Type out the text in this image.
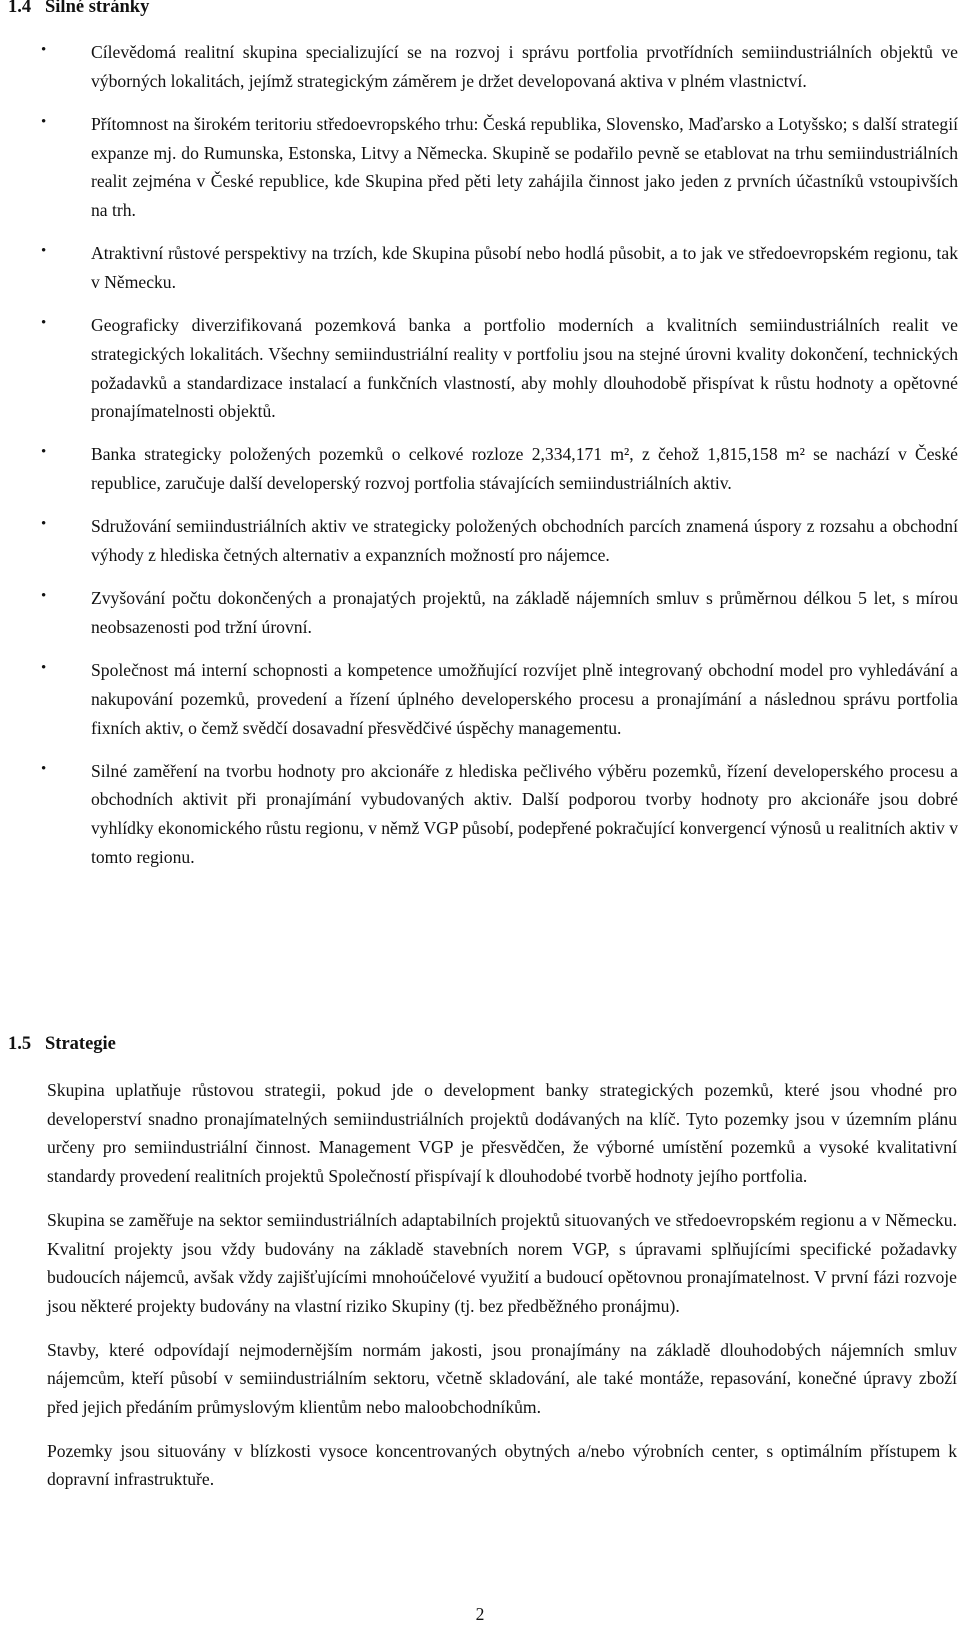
1.4 Silné stránky
•	Cílevědomá realitní skupina specializující se na rozvoj i správu portfolia prvotřídních semiindustriálních objektů ve výborných lokalitách, jejímž strategickým záměrem je držet developovaná aktiva v plném vlastnictví.
•	Přítomnost na širokém teritoriu středoevropského trhu: Česká republika, Slovensko, Maďarsko a Lotyšsko; s další strategií expanze mj. do Rumunska, Estonska, Litvy a Německa. Skupině se podařilo pevně se etablovat na trhu semiindustriálních realit zejména v České republice, kde Skupina před pěti lety zahájila činnost jako jeden z prvních účastníků vstoupivších na trh.
•	Atraktivní růstové perspektivy na trzích, kde Skupina působí nebo hodlá působit, a to jak ve středoevropském regionu, tak v Německu.
•	Geograficky diverzifikovaná pozemková banka a portfolio moderních a kvalitních semiindustriálních realit ve strategických lokalitách. Všechny semiindustriální reality v portfoliu jsou na stejné úrovni kvality dokončení, technických požadavků a standardizace instalací a funkčních vlastností, aby mohly dlouhodobě přispívat k růstu hodnoty a opětovné pronajímatelnosti objektů.
•	Banka strategicky položených pozemků o celkové rozloze 2,334,171 m², z čehož 1,815,158 m² se nachází v České republice, zaručuje další developerský rozvoj portfolia stávajících semiindustriálních aktiv.
•	Sdružování semiindustriálních aktiv ve strategicky položených obchodních parcích znamená úspory z rozsahu a obchodní výhody z hlediska četných alternativ a expanzních možností pro nájemce.
•	Zvyšování počtu dokončených a pronajatých projektů, na základě nájemních smluv s průměrnou délkou 5 let, s mírou neobsazenosti pod tržní úrovní.
•	Společnost má interní schopnosti a kompetence umožňující rozvíjet plně integrovaný obchodní model pro vyhledávání a nakupování pozemků, provedení a řízení úplného developerského procesu a pronajímání a následnou správu portfolia fixních aktiv, o čemž svědčí dosavadní přesvědčivé úspěchy managementu.
•	Silné zaměření na tvorbu hodnoty pro akcionáře z hlediska pečlivého výběru pozemků, řízení developerského procesu a obchodních aktivit při pronajímání vybudovaných aktiv. Další podporou tvorby hodnoty pro akcionáře jsou dobré vyhlídky ekonomického růstu regionu, v němž VGP působí, podepřené pokračující konvergencí výnosů u realitních aktiv v tomto regionu.
1.5 Strategie

Skupina uplatňuje růstovou strategii, pokud jde o development banky strategických pozemků, které jsou vhodné pro developerství snadno pronajímatelných semiindustriálních projektů dodávaných na klíč. Tyto pozemky jsou v územním plánu určeny pro semiindustriální činnost. Management VGP je přesvědčen, že výborné umístění pozemků a vysoké kvalitativní standardy provedení realitních projektů Společností přispívají k dlouhodobé tvorbě hodnoty jejího portfolia.

Skupina se zaměřuje na sektor semiindustriálních adaptabilních projektů situovaných ve středoevropském regionu a v Německu. Kvalitní projekty jsou vždy budovány na základě stavebních norem VGP, s úpravami splňujícími specifické požadavky budoucích nájemců, avšak vždy zajišťujícími mnohoúčelové využití a budoucí opětovnou pronajímatelnost. V první fázi rozvoje jsou některé projekty budovány na vlastní riziko Skupiny (tj. bez předběžného pronájmu).

Stavby, které odpovídají nejmodernějším normám jakosti, jsou pronajímány na základě dlouhodobých nájemních smluv nájemcům, kteří působí v semiindustriálním sektoru, včetně skladování, ale také montáže, repasování, konečné úpravy zboží před jejich předáním průmyslovým klientům nebo maloobchodníkům.

Pozemky jsou situovány v blízkosti vysoce koncentrovaných obytných a/nebo výrobních center, s optimálním přístupem k dopravní infrastruktuře.

2
